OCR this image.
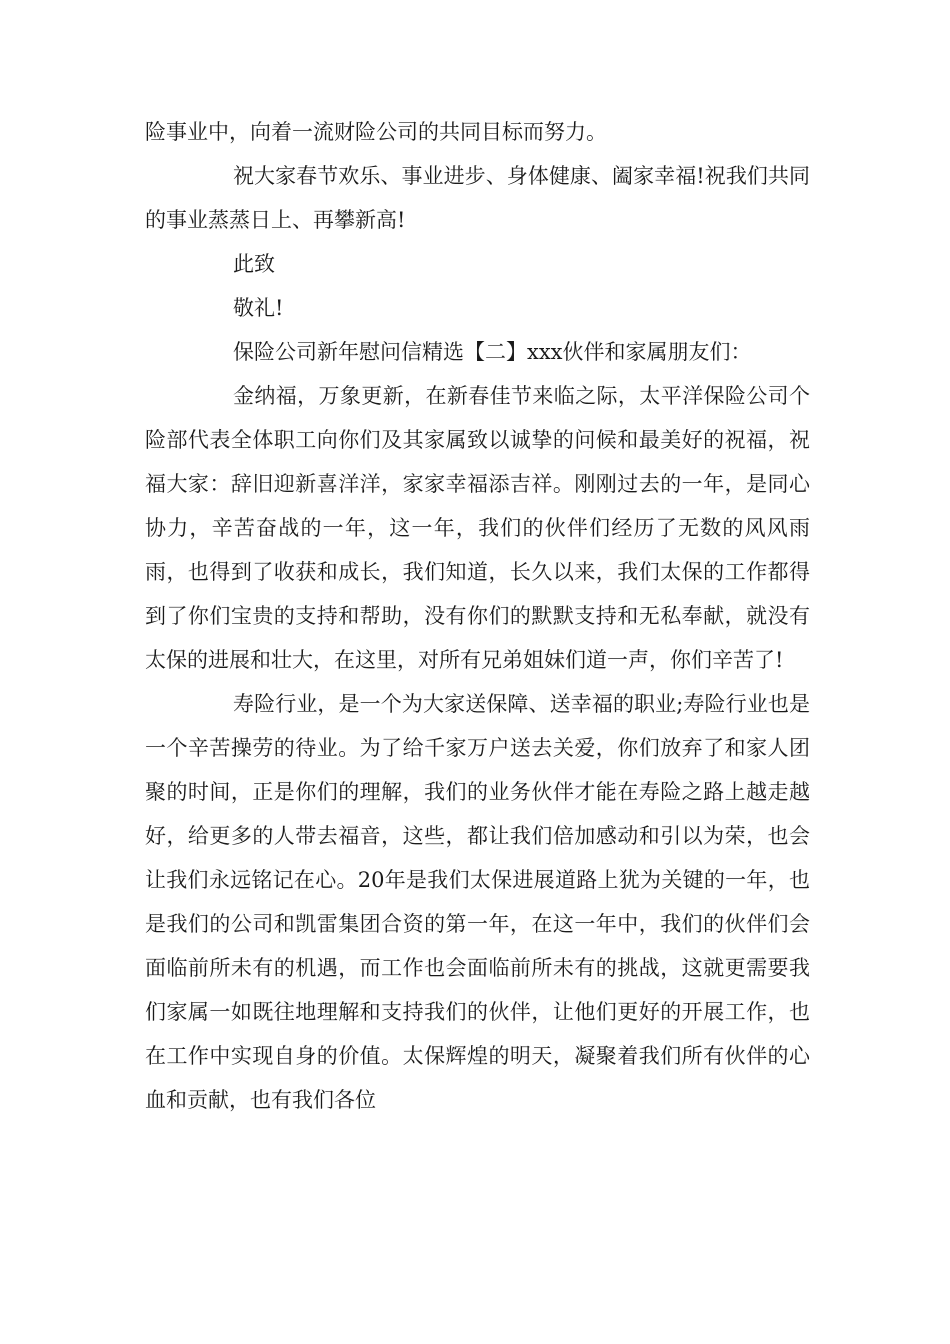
险事业中，向着一流财险公司的共同目标而努力。

祝大家春节欢乐、事业进步、身体健康、阖家幸福!祝我们共同的事业蒸蒸日上、再攀新高!

此致

敬礼!

保险公司新年慰问信精选【二】xxx伙伴和家属朋友们：

金纳福，万象更新，在新春佳节来临之际，太平洋保险公司个险部代表全体职工向你们及其家属致以诚挚的问候和最美好的祝福，祝福大家：辞旧迎新喜洋洋，家家幸福添吉祥。刚刚过去的一年，是同心协力，辛苦奋战的一年，这一年，我们的伙伴们经历了无数的风风雨雨，也得到了收获和成长，我们知道，长久以来，我们太保的工作都得到了你们宝贵的支持和帮助，没有你们的默默支持和无私奉献，就没有太保的进展和壮大，在这里，对所有兄弟姐妹们道一声，你们辛苦了!

寿险行业，是一个为大家送保障、送幸福的职业;寿险行业也是一个辛苦操劳的待业。为了给千家万户送去关爱，你们放弃了和家人团聚的时间，正是你们的理解，我们的业务伙伴才能在寿险之路上越走越好，给更多的人带去福音，这些，都让我们倍加感动和引以为荣，也会让我们永远铭记在心。20年是我们太保进展道路上犹为关键的一年，也是我们的公司和凯雷集团合资的第一年，在这一年中，我们的伙伴们会面临前所未有的机遇，而工作也会面临前所未有的挑战，这就更需要我们家属一如既往地理解和支持我们的伙伴，让他们更好的开展工作，也在工作中实现自身的价值。太保辉煌的明天，凝聚着我们所有伙伴的心血和贡献，也有我们各位
